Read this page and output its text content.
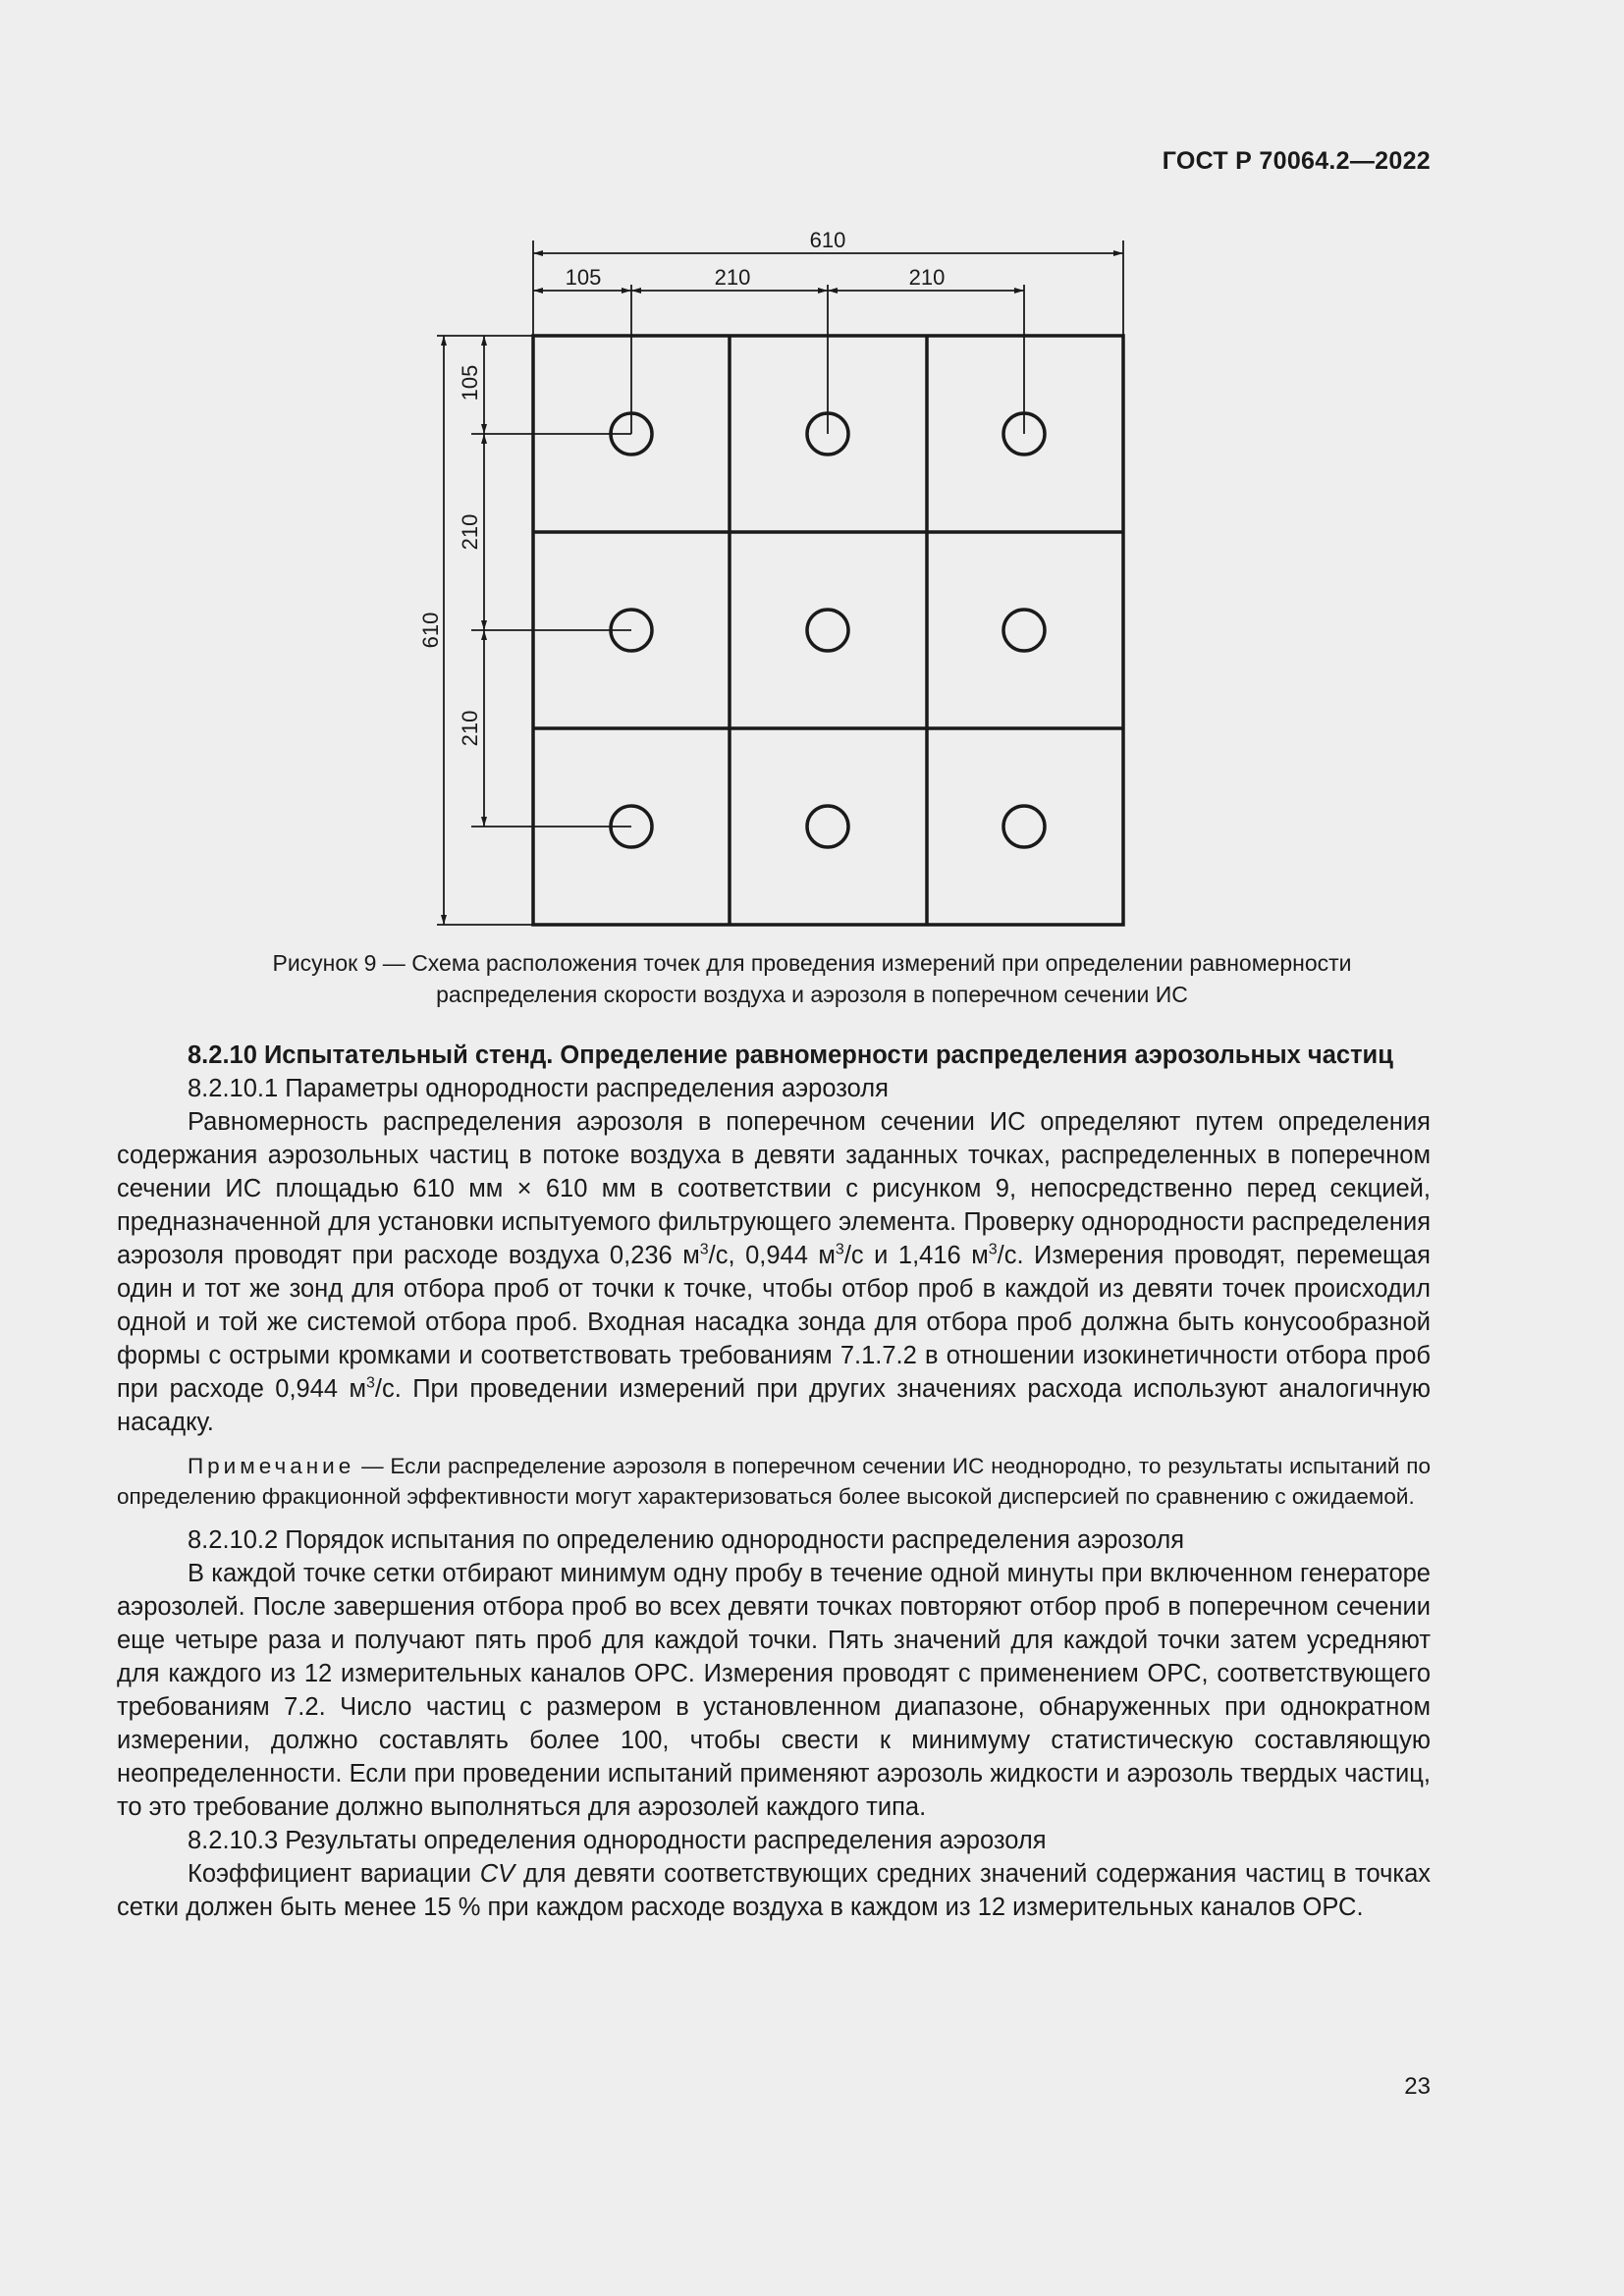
ГОСТ Р 70064.2—2022
610
105	210	210
610
105
210
210
Рисунок 9 — Схема расположения точек для проведения измерений при определении равномерности
распределения скорости воздуха и аэрозоля в поперечном сечении ИС

8.2.10 Испытательный стенд. Определение равномерности распределения аэрозольных частиц

8.2.10.1 Параметры однородности распределения аэрозоля

Равномерность распределения аэрозоля в поперечном сечении ИС определяют путем определения содержания аэрозольных частиц в потоке воздуха в девяти заданных точках, распределенных в поперечном сечении ИС площадью 610 мм × 610 мм в соответствии с рисунком 9, непосредственно перед секцией, предназначенной для установки испытуемого фильтрующего элемента. Проверку однородности распределения аэрозоля проводят при расходе воздуха 0,236 $м^3/с$, 0,944 $м^3/с$ и 1,416 $м^3/с$. Измерения проводят, перемещая один и тот же зонд для отбора проб от точки к точке, чтобы отбор проб в каждой из девяти точек происходил одной и той же системой отбора проб. Входная насадка зонда для отбора проб должна быть конусообразной формы с острыми кромками и соответствовать требованиям 7.1.7.2 в отношении изокинетичности отбора проб при расходе 0,944 $м^3/с$. При проведении измерений при других значениях расхода используют аналогичную насадку.

Примечание — Если распределение аэрозоля в поперечном сечении ИС неоднородно, то результаты испытаний по определению фракционной эффективности могут характеризоваться более высокой дисперсией по сравнению с ожидаемой.

8.2.10.2 Порядок испытания по определению однородности распределения аэрозоля

В каждой точке сетки отбирают минимум одну пробу в течение одной минуты при включенном генераторе аэрозолей. После завершения отбора проб во всех девяти точках повторяют отбор проб в поперечном сечении еще четыре раза и получают пять проб для каждой точки. Пять значений для каждой точки затем усредняют для каждого из 12 измерительных каналов ОРС. Измерения проводят с применением ОРС, соответствующего требованиям 7.2. Число частиц с размером в установленном диапазоне, обнаруженных при однократном измерении, должно составлять более 100, чтобы свести к минимуму статистическую составляющую неопределенности. Если при проведении испытаний применяют аэрозоль жидкости и аэрозоль твердых частиц, то это требование должно выполняться для аэрозолей каждого типа.

8.2.10.3 Результаты определения однородности распределения аэрозоля

Коэффициент вариации CV для девяти соответствующих средних значений содержания частиц в точках сетки должен быть менее 15 % при каждом расходе воздуха в каждом из 12 измерительных каналов ОРС.

23
